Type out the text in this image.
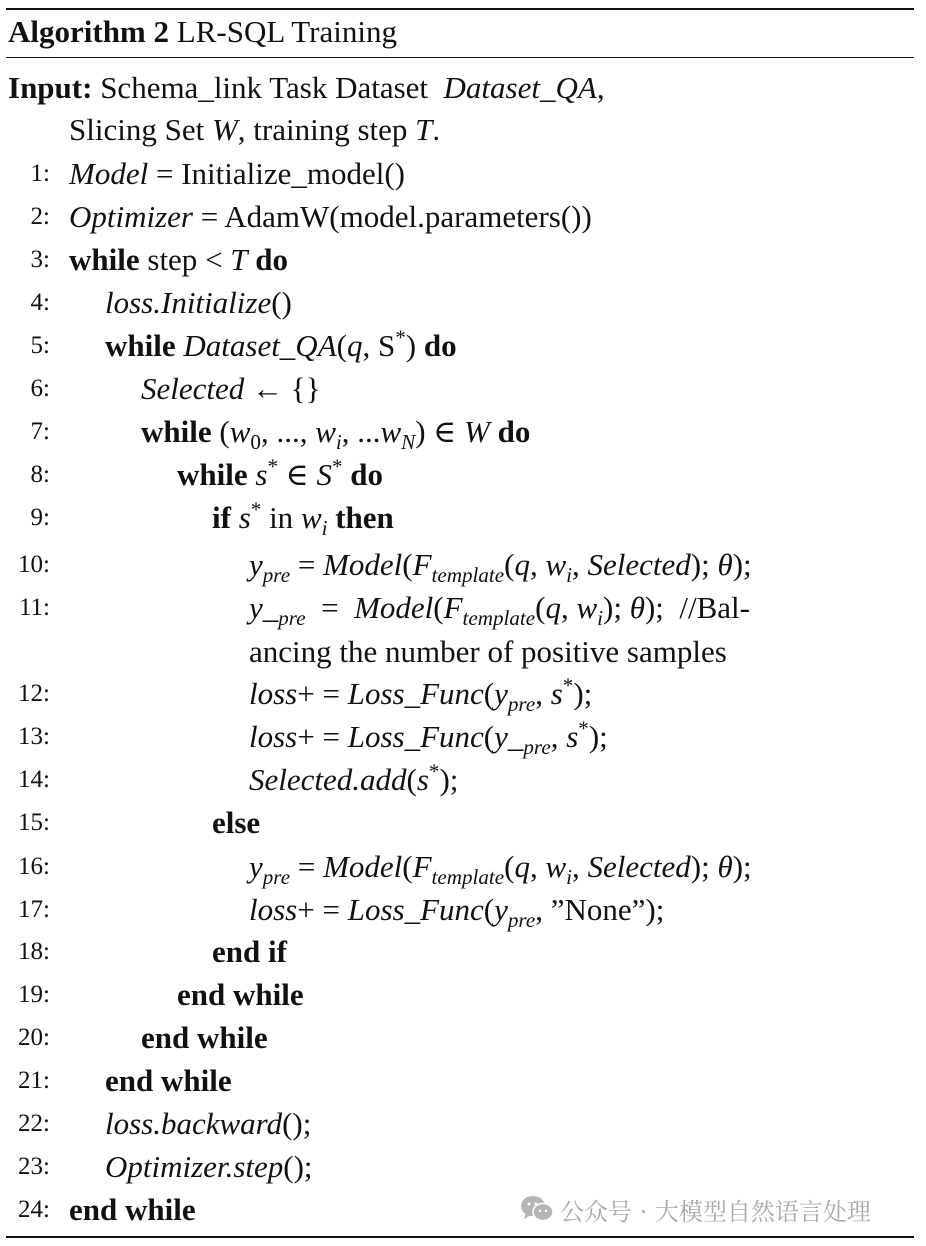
Algorithm 2 LR-SQL Training
Input: Schema_link Task Dataset  Dataset_QA,
Slicing Set W, training step T.
1: Model = Initialize_model()
2: Optimizer = AdamW(model.parameters())
3: while step < T do
4: loss.Initialize()
5: while Dataset_QA(q, S*) do
6:	Selected ← {}
7:	while ($w_0$, ..., $w_i$, $...w_N$) ∈ W do
8:	while s* ∈ S* do
9:	if s* in $w_i$ then
10:	$y_{pre}$ = $Model(F_{template}(q$, $w_i$, Selected); θ);
11:	$y\__{pre}$  =  $Model(F_{template}(q$, $w_i$); θ);  //Bal-
ancing the number of positive samples
12:	loss+ = $Loss\_Func(y_{pre}$, s*);
13:	loss+ = $Loss\_Func(y\__{pre}$, s*);
14:	Selected.add(s*);
15:	else
16:	$y_{pre}$ = $Model(F_{template}(q$, $w_i$, Selected); θ);
17:	loss+ = $Loss\_Func(y_{pre}$, ”None”);
18:	end if
19:	end while
20:	end while
21: end while
22: loss.backward();
23: Optimizer.step();
24: end while	公众号 · 大模型自然语言处理
